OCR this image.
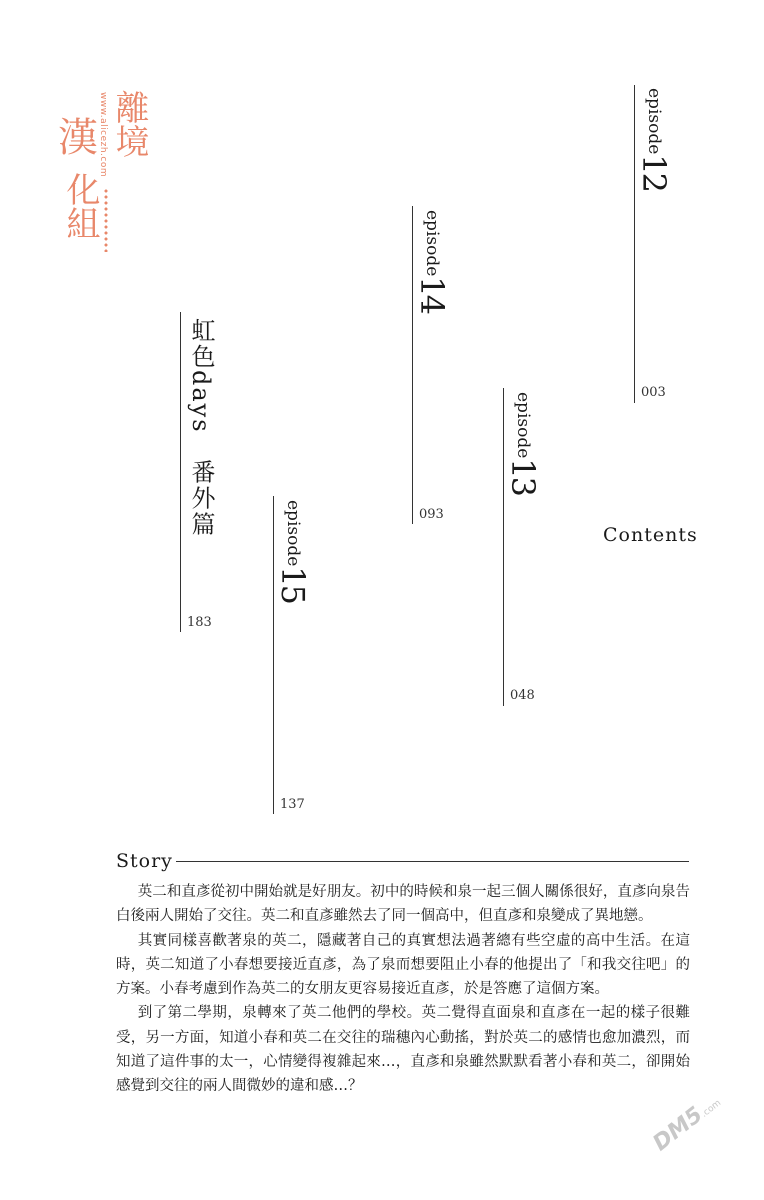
漢 離境
化組
www.alicezh.com	episode12
003
episode14
093
episode13
048
episode15
137
虹色days　番外篇
183
Contents
Story

英二和直彥從初中開始就是好朋友。初中的時候和泉一起三個人關係很好，直彥向泉告白後兩人開始了交往。英二和直彥雖然去了同一個高中，但直彥和泉變成了異地戀。

其實同樣喜歡著泉的英二，隱藏著自己的真實想法過著總有些空虛的高中生活。在這時，英二知道了小春想要接近直彥，為了泉而想要阻止小春的他提出了「和我交往吧」的方案。小春考慮到作為英二的女朋友更容易接近直彥，於是答應了這個方案。

到了第二學期，泉轉來了英二他們的學校。英二覺得直面泉和直彥在一起的樣子很難受，另一方面，知道小春和英二在交往的瑞穗內心動搖，對於英二的感情也愈加濃烈，而知道了這件事的太一，心情變得複雜起來…，直彥和泉雖然默默看著小春和英二，卻開始感覺到交往的兩人間微妙的違和感…？

DM5.com
